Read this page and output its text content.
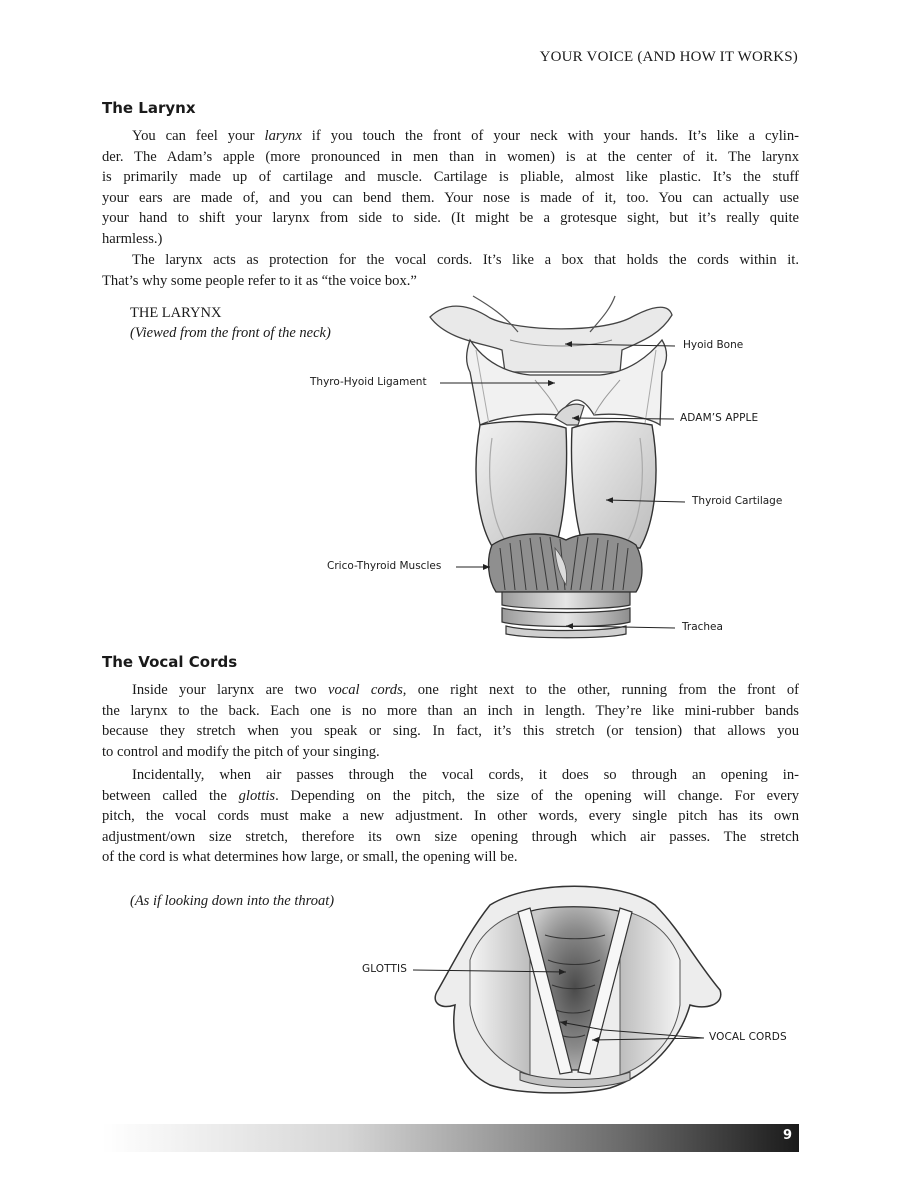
YOUR VOICE (AND HOW IT WORKS)
The Larynx
You can feel your larynx if you touch the front of your neck with your hands. It’s like a cylin-
der. The Adam’s apple (more pronounced in men than in women) is at the center of it. The larynx
is primarily made up of cartilage and muscle. Cartilage is pliable, almost like plastic. It’s the stuff
your ears are made of, and you can bend them. Your nose is made of it, too. You can actually use
your hand to shift your larynx from side to side. (It might be a grotesque sight, but it’s really quite
harmless.)
The larynx acts as protection for the vocal cords. It’s like a box that holds the cords within it.
That’s why some people refer to it as “the voice box.”
THE LARYNX
(Viewed from the front of the neck)
Hyoid Bone
Thyro-Hyoid Ligament
ADAM’S APPLE
Thyroid Cartilage
Crico-Thyroid Muscles
Trachea
The Vocal Cords
Inside your larynx are two vocal cords, one right next to the other, running from the front of
the larynx to the back. Each one is no more than an inch in length. They’re like mini-rubber bands
because they stretch when you speak or sing. In fact, it’s this stretch (or tension) that allows you
to control and modify the pitch of your singing.
Incidentally, when air passes through the vocal cords, it does so through an opening in-
between called the glottis. Depending on the pitch, the size of the opening will change. For every
pitch, the vocal cords must make a new adjustment. In other words, every single pitch has its own
adjustment/own size stretch, therefore its own size opening through which air passes. The stretch
of the cord is what determines how large, or small, the opening will be.
(As if looking down into the throat)
GLOTTIS
VOCAL CORDS
9
